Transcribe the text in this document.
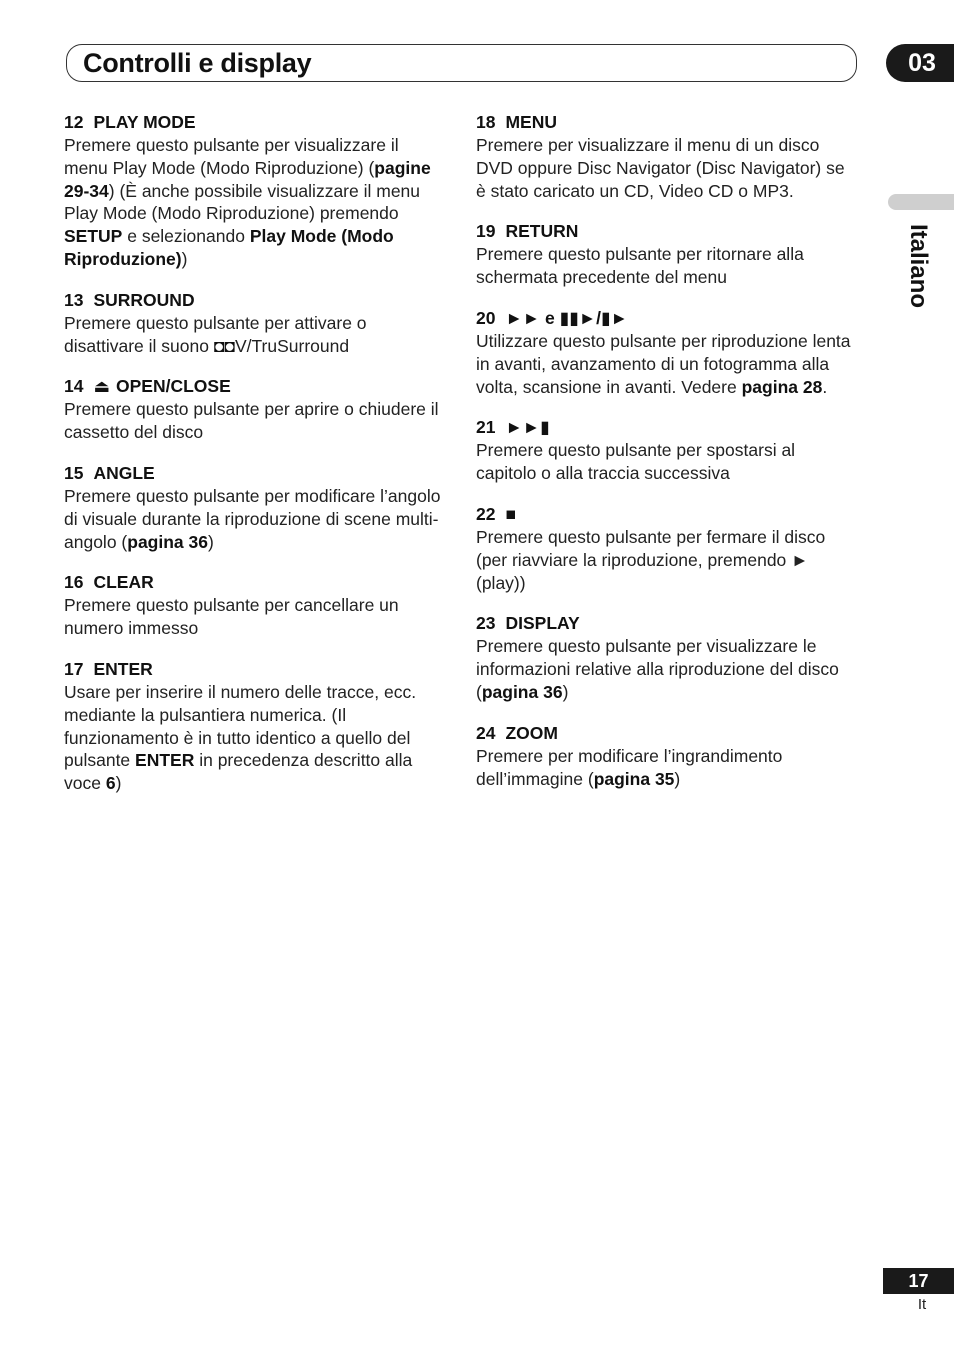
Controlli e display	03
Italiano
12 PLAY MODE
Premere questo pulsante per visualizzare il menu Play Mode (Modo Riproduzione) (pagine 29-34) (È anche possibile visualizzare il menu Play Mode (Modo Riproduzione) premendo SETUP e selezionando Play Mode (Modo Riproduzione))
13 SURROUND
Premere questo pulsante per attivare o disattivare il suono ◘◘V/TruSurround
14 ⏏ OPEN/CLOSE
Premere questo pulsante per aprire o chiudere il cassetto del disco
15 ANGLE
Premere questo pulsante per modificare l’angolo di visuale durante la riproduzione di scene multi-angolo (pagina 36)
16 CLEAR
Premere questo pulsante per cancellare un numero immesso
17 ENTER
Usare per inserire il numero delle tracce, ecc. mediante la pulsantiera numerica. (Il funzionamento è in tutto identico a quello del pulsante ENTER in precedenza descritto alla voce 6)
18 MENU
Premere per visualizzare il menu di un disco DVD oppure Disc Navigator (Disc Navigator) se è stato caricato un CD, Video CD o MP3.
19 RETURN
Premere questo pulsante per ritornare alla schermata precedente del menu
20 ►► e ▮▮►/▮►
Utilizzare questo pulsante per riproduzione lenta in avanti, avanzamento di un fotogramma alla volta, scansione in avanti. Vedere pagina 28.
21 ►►▮
Premere questo pulsante per spostarsi al capitolo o alla traccia successiva
22 ■
Premere questo pulsante per fermare il disco (per riavviare la riproduzione, premendo ► (play))
23 DISPLAY
Premere questo pulsante per visualizzare le informazioni relative alla riproduzione del disco (pagina 36)
24 ZOOM
Premere per modificare l’ingrandimento dell’immagine (pagina 35)
17
It
